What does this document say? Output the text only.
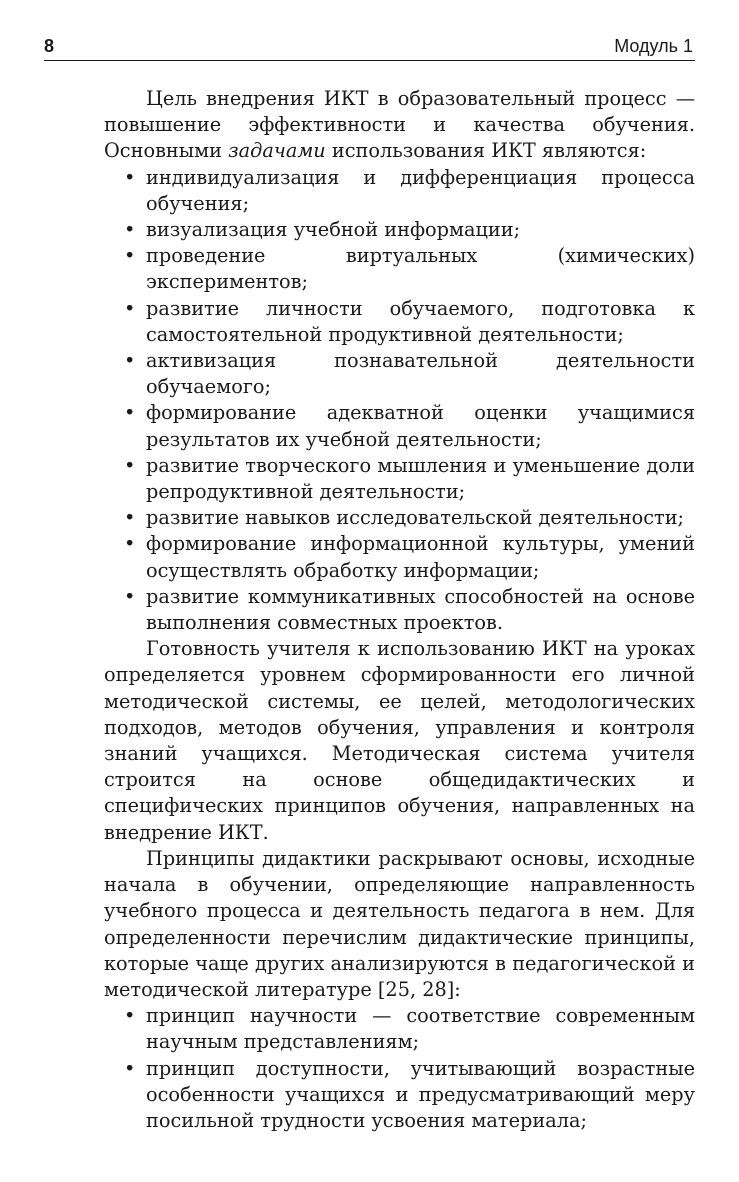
8	Модуль 1

Цель внедрения ИКТ в образовательный процесс — повышение эффективности и качества обучения. Основными задачами использования ИКТ являются:

• индивидуализация и дифференциация процесса обучения;
• визуализация учебной информации;
• проведение виртуальных (химических) экспериментов;
• развитие личности обучаемого, подготовка к самостоятельной продуктивной деятельности;
• активизация познавательной деятельности обучаемого;
• формирование адекватной оценки учащимися результатов их учебной деятельности;
• развитие творческого мышления и уменьшение доли репродуктивной деятельности;
• развитие навыков исследовательской деятельности;
• формирование информационной культуры, умений осуществлять обработку информации;
• развитие коммуникативных способностей на основе выполнения совместных проектов.

Готовность учителя к использованию ИКТ на уроках определяется уровнем сформированности его личной методической системы, ее целей, методологических подходов, методов обучения, управления и контроля знаний учащихся. Методическая система учителя строится на основе общедидактических и специфических принципов обучения, направленных на внедрение ИКТ.

Принципы дидактики раскрывают основы, исходные начала в обучении, определяющие направленность учебного процесса и деятельность педагога в нем. Для определенности перечислим дидактические принципы, которые чаще других анализируются в педагогической и методической литературе [25, 28]:

• принцип научности — соответствие современным научным представлениям;
• принцип доступности, учитывающий возрастные особенности учащихся и предусматривающий меру посильной трудности усвоения материала;
